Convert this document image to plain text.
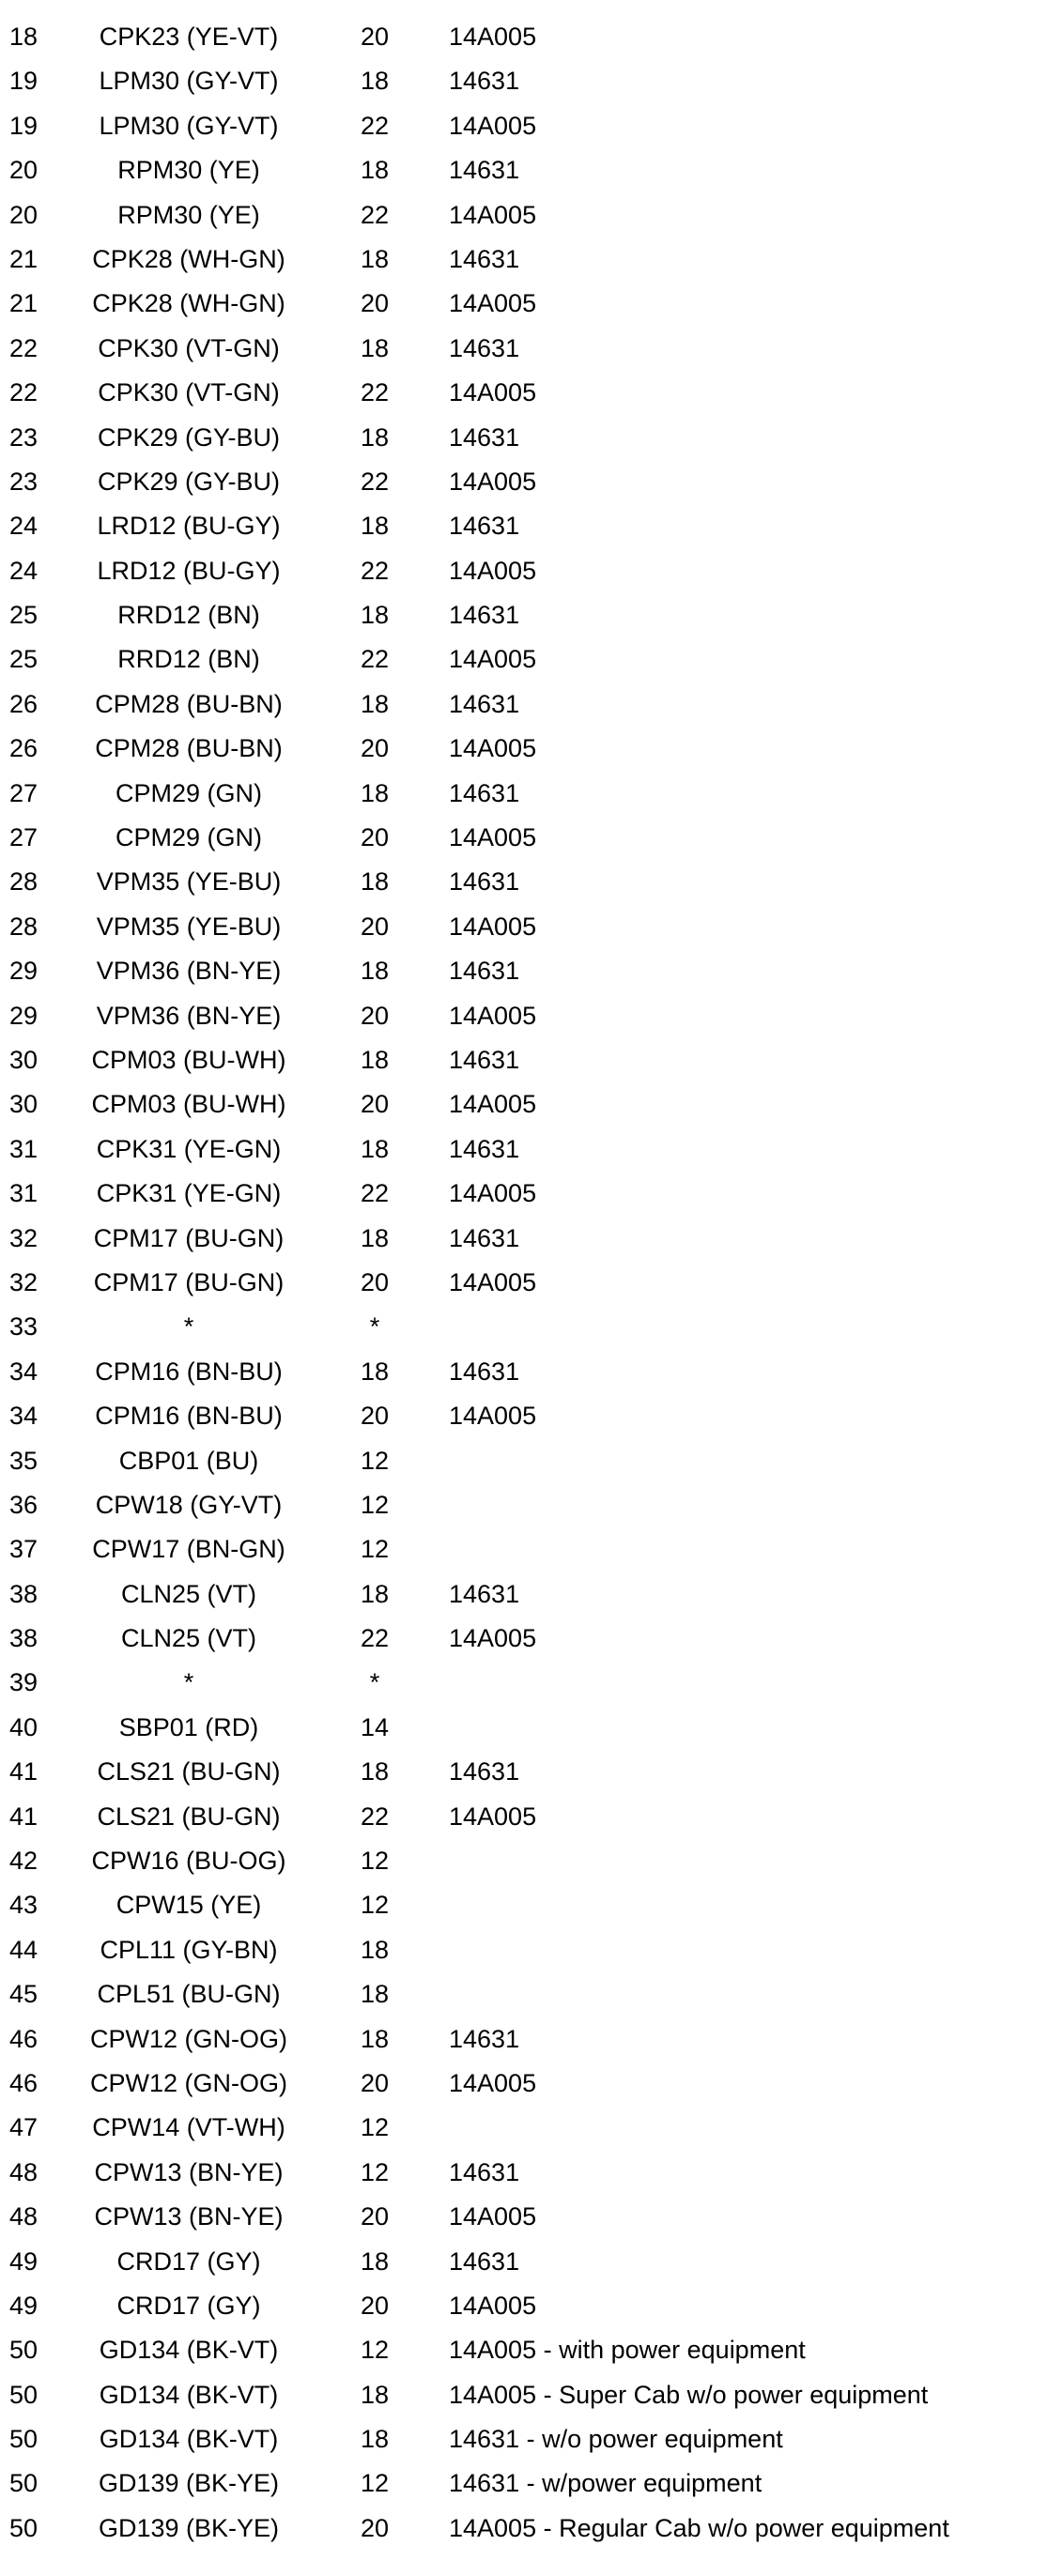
18	CPK23 (YE-VT)	20	14A005
19	LPM30 (GY-VT)	18	14631
19	LPM30 (GY-VT)	22	14A005
20	RPM30 (YE)	18	14631
20	RPM30 (YE)	22	14A005
21	CPK28 (WH-GN)	18	14631
21	CPK28 (WH-GN)	20	14A005
22	CPK30 (VT-GN)	18	14631
22	CPK30 (VT-GN)	22	14A005
23	CPK29 (GY-BU)	18	14631
23	CPK29 (GY-BU)	22	14A005
24	LRD12 (BU-GY)	18	14631
24	LRD12 (BU-GY)	22	14A005
25	RRD12 (BN)	18	14631
25	RRD12 (BN)	22	14A005
26	CPM28 (BU-BN)	18	14631
26	CPM28 (BU-BN)	20	14A005
27	CPM29 (GN)	18	14631
27	CPM29 (GN)	20	14A005
28	VPM35 (YE-BU)	18	14631
28	VPM35 (YE-BU)	20	14A005
29	VPM36 (BN-YE)	18	14631
29	VPM36 (BN-YE)	20	14A005
30	CPM03 (BU-WH)	18	14631
30	CPM03 (BU-WH)	20	14A005
31	CPK31 (YE-GN)	18	14631
31	CPK31 (YE-GN)	22	14A005
32	CPM17 (BU-GN)	18	14631
32	CPM17 (BU-GN)	20	14A005
33	*	*
34	CPM16 (BN-BU)	18	14631
34	CPM16 (BN-BU)	20	14A005
35	CBP01 (BU)	12
36	CPW18 (GY-VT)	12
37	CPW17 (BN-GN)	12
38	CLN25 (VT)	18	14631
38	CLN25 (VT)	22	14A005
39	*	*
40	SBP01 (RD)	14
41	CLS21 (BU-GN)	18	14631
41	CLS21 (BU-GN)	22	14A005
42	CPW16 (BU-OG)	12
43	CPW15 (YE)	12
44	CPL11 (GY-BN)	18
45	CPL51 (BU-GN)	18
46	CPW12 (GN-OG)	18	14631
46	CPW12 (GN-OG)	20	14A005
47	CPW14 (VT-WH)	12
48	CPW13 (BN-YE)	12	14631
48	CPW13 (BN-YE)	20	14A005
49	CRD17 (GY)	18	14631
49	CRD17 (GY)	20	14A005
50	GD134 (BK-VT)	12	14A005 - with power equipment
50	GD134 (BK-VT)	18	14A005 - Super Cab w/o power equipment
50	GD134 (BK-VT)	18	14631 - w/o power equipment
50	GD139 (BK-YE)	12	14631 - w/power equipment
50	GD139 (BK-YE)	20	14A005 - Regular Cab w/o power equipment
